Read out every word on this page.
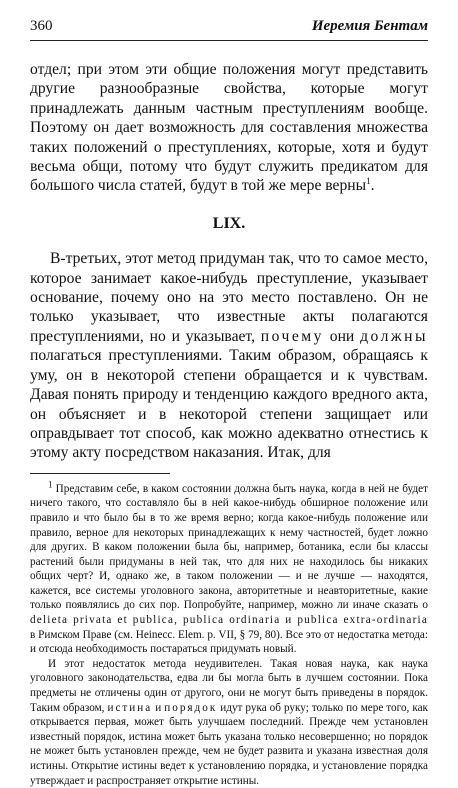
360	Иеремия Бентам

отдел; при этом эти общие положения могут представить другие разнообразные свойства, которые могут принадлежать данным частным преступлениям вообще. Поэтому он дает возможность для составления множества таких положений о преступлениях, которые, хотя и будут весьма общи, потому что будут служить предикатом для большого числа статей, будут в той же мере верны$^1$.

LIX.

В-третьих, этот метод придуман так, что то самое место, которое занимает какое-нибудь преступление, указывает основание, почему оно на это место поставлено. Он не только указывает, что известные акты полагаются преступлениями, но и указывает, почему они должны полагаться преступлениями. Таким образом, обращаясь к уму, он в некоторой степени обращается и к чувствам. Давая понять природу и тенденцию каждого вредного акта, он объясняет и в некоторой степени защищает или оправдывает тот способ, как можно адекватно отнестись к этому акту посредством наказания. Итак, для

$^1$ Представим себе, в каком состоянии должна быть наука, когда в ней не будет ничего такого, что составляло бы в ней какое-нибудь обширное положение или правило и что было бы в то же время верно; когда какое-нибудь положение или правило, верное для некоторых принадлежащих к нему частностей, будет ложно для других. В каком положении была бы, например, ботаника, если бы классы растений были придуманы в ней так, что для них не находилось бы никаких общих черт? И, однако же, в таком положении — и не лучше — находятся, кажется, все системы уголовного закона, авторитетные и неавторитетные, какие только появлялись до сих пор. Попробуйте, например, можно ли иначе сказать о delieta privata et publica, publica ordinaria и publica extra-ordinaria в Римском Праве (см. Heinecc. Elem. p. VII, § 79, 80). Все это от недостатка метода: и отсюда необходимость постараться придумать новый.

И этот недостаток метода неудивителен. Такая новая наука, как наука уголовного законодательства, едва ли бы могла быть в лучшем состоянии. Пока предметы не отличены один от другого, они не могут быть приведены в порядок. Таким образом, истина и порядок идут рука об руку; только по мере того, как открывается первая, может быть улучшаем последний. Прежде чем установлен известный порядок, истина может быть указана только несовершенно; но порядок не может быть установлен прежде, чем не будет развита и указана известная доля истины. Открытие истины ведет к установлению порядка, и установление порядка утверждает и распространяет открытие истины.
